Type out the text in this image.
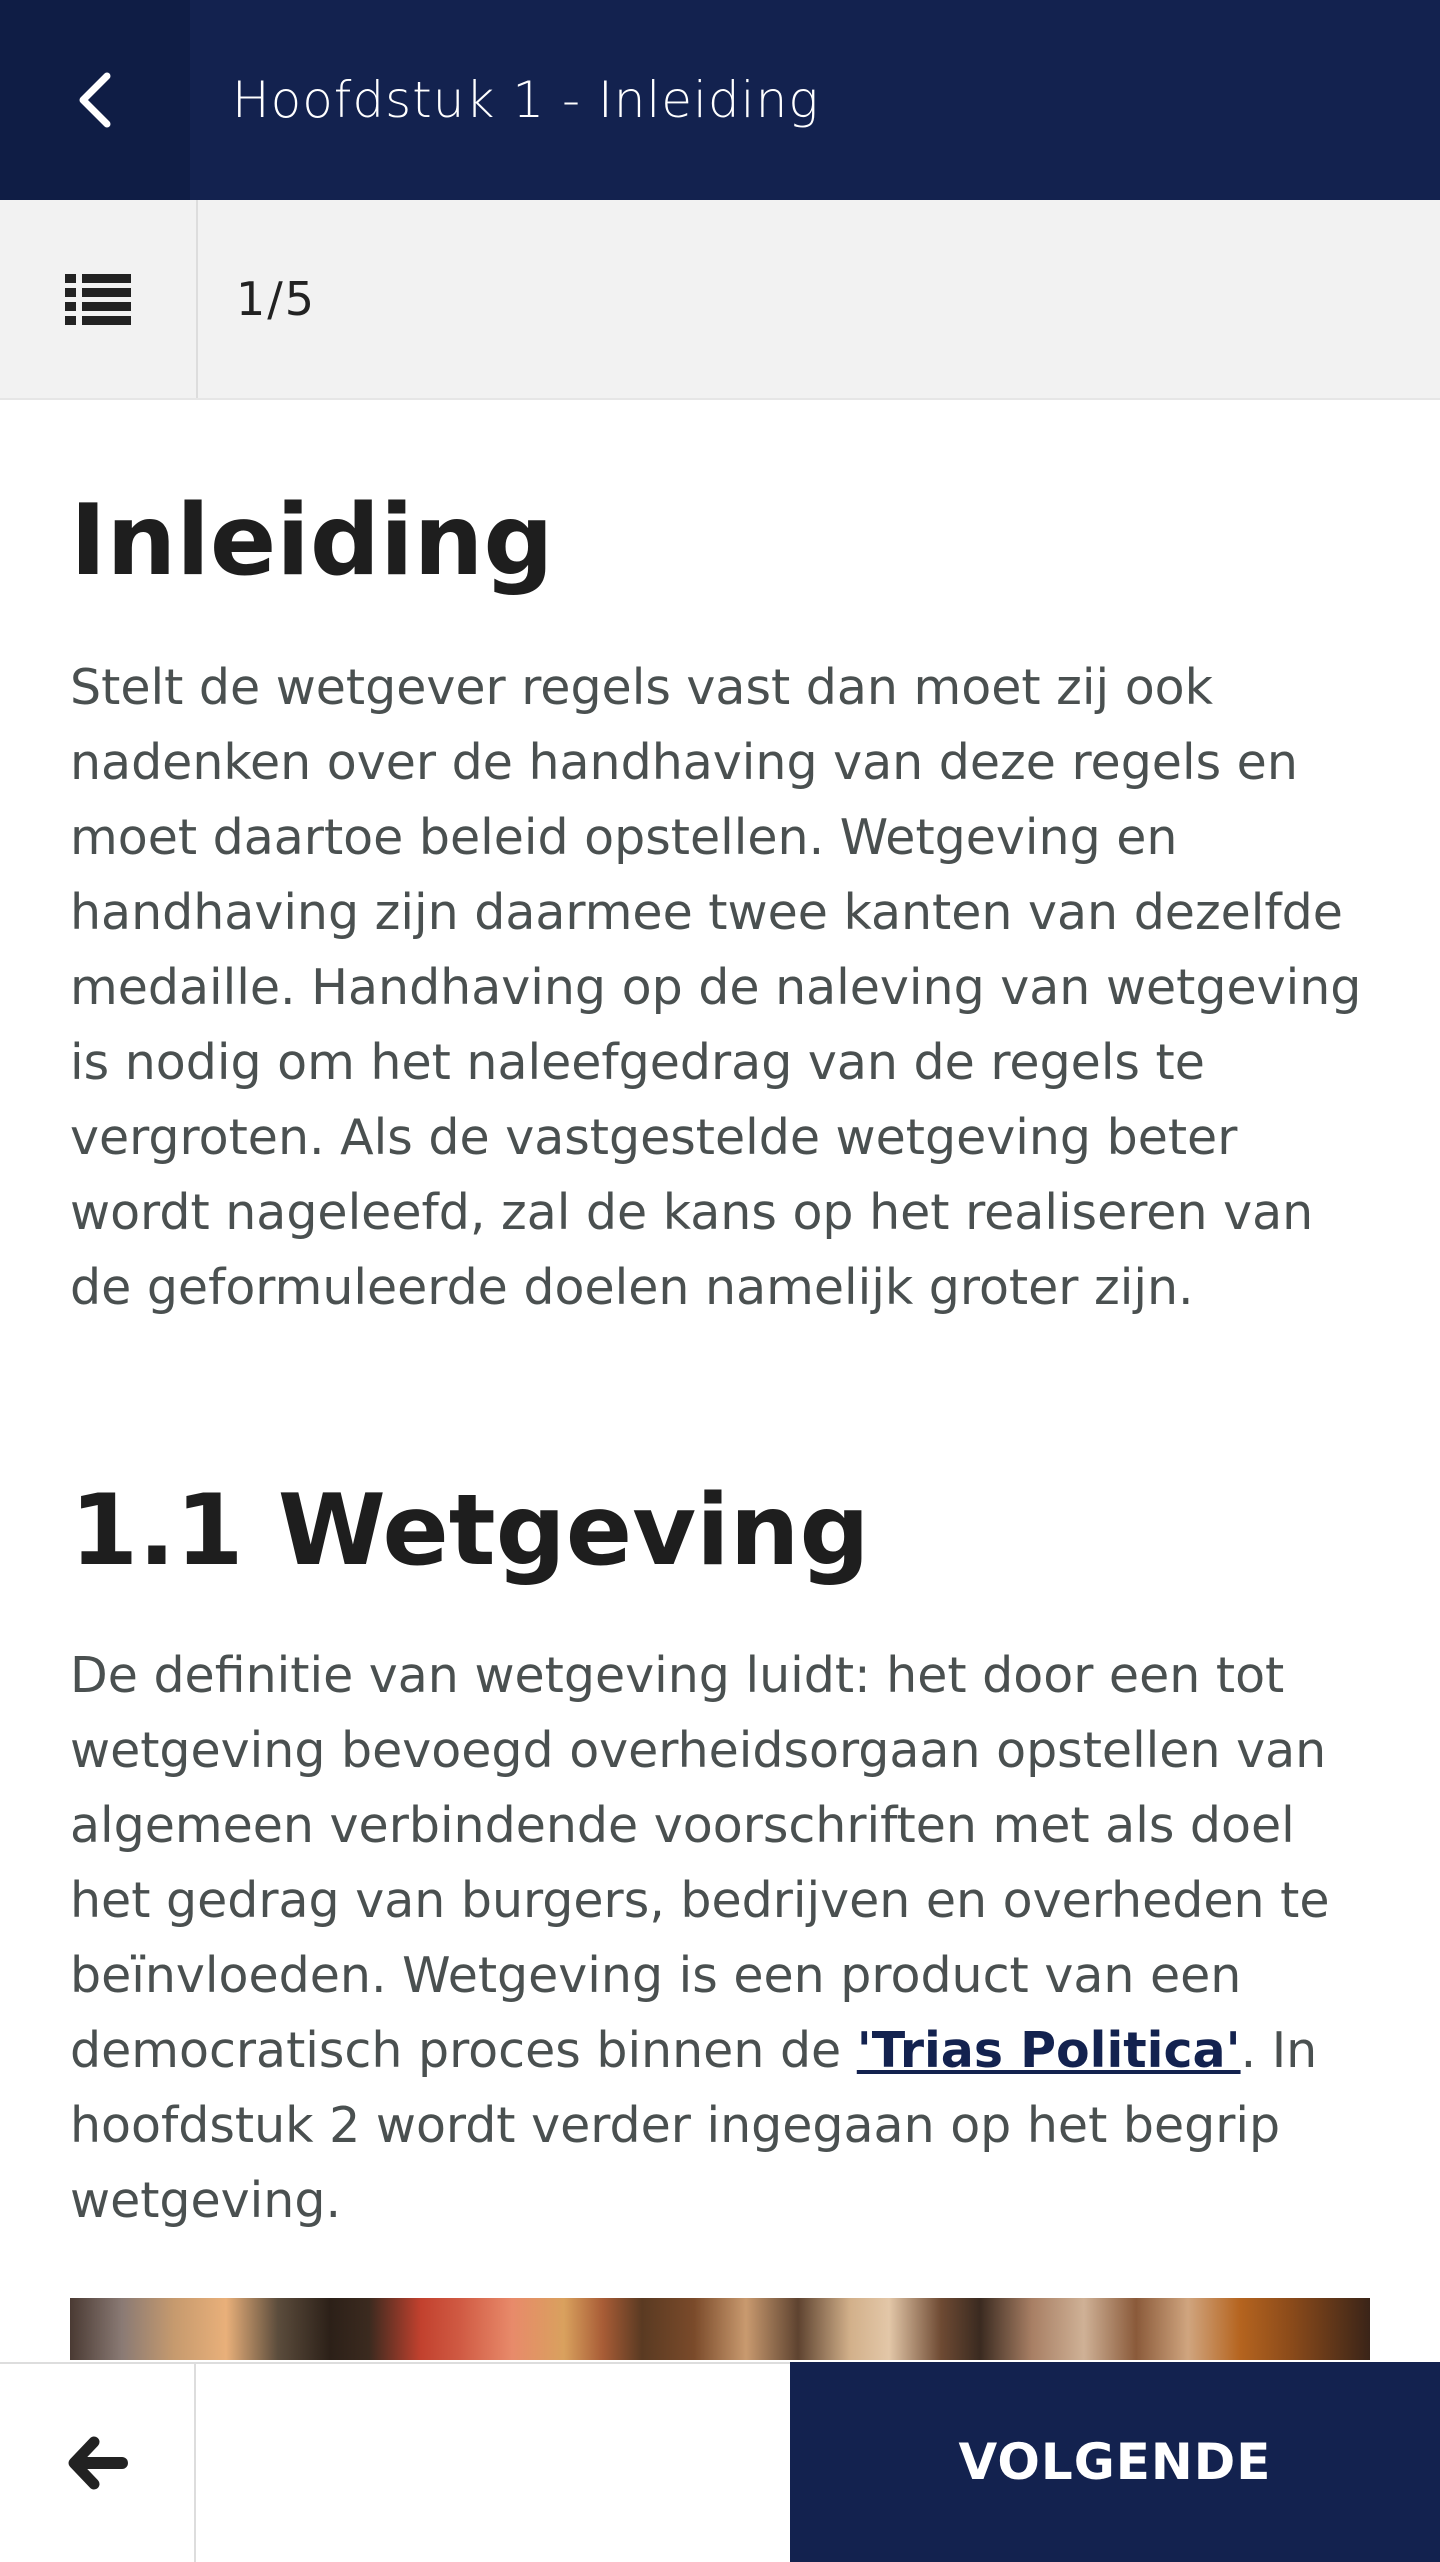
Hoofdstuk 1 - Inleiding
1/5
Inleiding

Stelt de wetgever regels vast dan moet zij ook nadenken over de handhaving van deze regels en moet daartoe beleid opstellen. Wetgeving en handhaving zijn daarmee twee kanten van dezelfde medaille. Handhaving op de naleving van wetgeving is nodig om het naleefgedrag van de regels te vergroten. Als de vastgestelde wetgeving beter wordt nageleefd, zal de kans op het realiseren van de geformuleerde doelen namelijk groter zijn.

1.1 Wetgeving

De definitie van wetgeving luidt: het door een tot wetgeving bevoegd overheidsorgaan opstellen van algemeen verbindende voorschriften met als doel het gedrag van burgers, bedrijven en overheden te beïnvloeden. Wetgeving is een product van een democratisch proces binnen de 'Trias Politica'. In hoofdstuk 2 wordt verder ingegaan op het begrip wetgeving.

VOLGENDE
